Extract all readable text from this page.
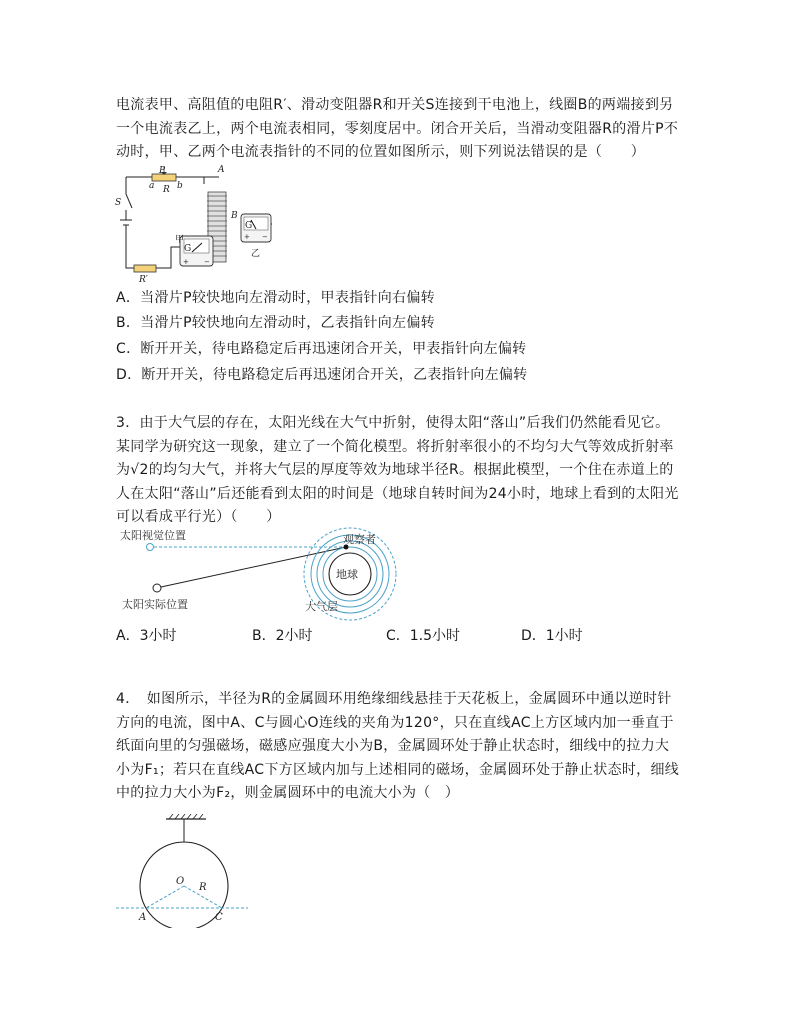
电流表甲、高阻值的电阻R′、滑动变阻器R和开关S连接到干电池上，线圈B的两端接到另一个电流表乙上，两个电流表相同，零刻度居中。闭合开关后，当滑动变阻器R的滑片P不动时，甲、乙两个电流表指针的不同的位置如图所示，则下列说法错误的是（　　）
P
a R b
A
S
B
G
+ −
G
+ −
甲
乙
R′
A．当滑片P较快地向左滑动时，甲表指针向右偏转
B．当滑片P较快地向左滑动时，乙表指针向左偏转
C．断开开关，待电路稳定后再迅速闭合开关，甲表指针向左偏转
D．断开开关，待电路稳定后再迅速闭合开关，乙表指针向左偏转
3．由于大气层的存在，太阳光线在大气中折射，使得太阳“落山”后我们仍然能看见它。某同学为研究这一现象，建立了一个简化模型。将折射率很小的不均匀大气等效成折射率为√2的均匀大气，并将大气层的厚度等效为地球半径R。根据此模型，一个住在赤道上的人在太阳“落山”后还能看到太阳的时间是（地球自转时间为24小时，地球上看到的太阳光可以看成平行光）（　　）
太阳视觉位置	观察者
地球
太阳实际位置	大气层
A．3小时	B．2小时	C．1.5小时	D．1小时
4．　如图所示，半径为R的金属圆环用绝缘细线悬挂于天花板上，金属圆环中通以逆时针方向的电流，图中A、C与圆心O连线的夹角为120°，只在直线AC上方区域内加一垂直于纸面向里的匀强磁场，磁感应强度大小为B，金属圆环处于静止状态时，细线中的拉力大小为F₁；若只在直线AC下方区域内加与上述相同的磁场，金属圆环处于静止状态时，细线中的拉力大小为F₂，则金属圆环中的电流大小为（　）
O
R
A	C
